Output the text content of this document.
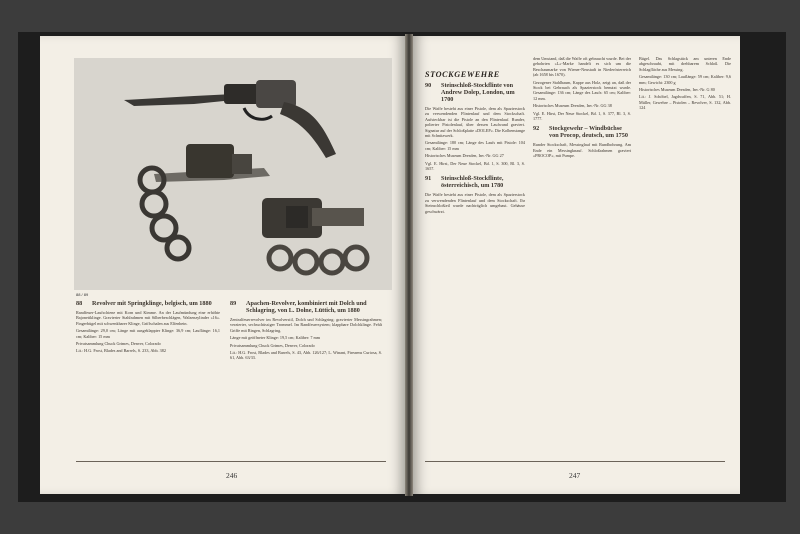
88 / 89
88	Revolver mit Springklinge, belgisch, um 1880

Randfeuer-Laufschiene mit Korn und Kimme. An der Laufmündung eine erhöhte Bajonettklinge. Gravierter Stahlrahmen mit Silberbeschlägen, Walzenzylinder »16«. Fingerbügel mit schwenkbarer Klinge, Griffschalen aus Elfenbein.

Gesamtlänge: 29,0 cm; Länge mit ausgeklappter Klinge: 36,9 cm; Lauflänge: 16,1 cm; Kaliber: 15 mm

Privatsammlung Chuck Grimes, Denver, Colorado

Lit.: H.G. Frost, Blades and Barrels, S. 233, Abb. 382

89	Apachen-Revolver, kombiniert mit Dolch und Schlagring, von L. Dolne, Lüttich, um 1880

Zentralfeuerrevolver im Revolverstil, Dolch und Schlagring; gravierter Messingrahmen; verzierter, sechsschüssiger Trommel. Im Randfeuersystem; klappbare Dolchklinge. Fehlt Griffe mit Ringen, Schlagring.

Länge mit geöffneter Klinge: 19,5 cm; Kaliber: 7 mm

Privatsammlung Chuck Grimes, Denver, Colorado

Lit.: H.G. Frost, Blades and Barrels, S. 43, Abb. 126/127; L. Winant, Firearms Curiosa, S. 61, Abb. 63/33.

246
STOCKGEWEHRE
90	Steinschloß-Stockflinte von Andrew Dolep, London, um 1700

Die Waffe besteht aus einer Pistole, dem als Spazierstock zu verwendenden Flintenlauf und dem Stockschaft. Aufsteckbar ist die Pistole an den Flintenlauf. Runder, polierter Pistolenlauf, über dessen Laufwand graviert. Signatur auf der Schloßplatte »DOLEP«. Die Kolbenstange mit Schnitzwerk.

Gesamtlänge: 180 cm; Länge des Laufs mit Pistole: 104 cm; Kaliber: 15 mm

Historisches Museum Dresden, Inv.-Nr. GG 27

Vgl. E. Hirst, Der Neue Stockel, Bd. 1, S. 300, Bl. 3, S. 1657.

91	Steinschloß-Stockflinte, österreichisch, um 1780

Die Waffe besteht aus einer Pistole, dem als Spazierstock zu verwendenden Flintenlauf und dem Stockschaft. Ihr Steinschloßteil wurde nachträglich umgebaut. Gehäuse geschwärzt.

dem Umstand, daß die Waffe oft gebraucht wurde. Bei der gebohrten »L«-Marke handelt es sich um die Beschaumarke von Wiener-Neustadt in Niederösterreich (ab 1658 bis 1670).

Gezogener Stahlbaum, Kappe aus Holz, zeigt an, daß der Stock bei Gebrauch als Spazierstock benutzt wurde. Gesamtlänge: 136 cm; Länge des Laufs: 65 cm; Kaliber: 12 mm.

Historisches Museum Dresden, Inv.-Nr. GG 38

Vgl. E. Hirst, Der Neue Stockel, Bd. 1, S. 377, Bl. 3, S. 1777.

92	Stockgewehr – Windbüchse von Procop, deutsch, um 1750

Runder Stockschaft, Messinglauf mit Rundbohrung. Am Ende ein Messingknauf. Schloßrahmen graviert »PROCOP«, mit Pumpe.

Bügel. Das Schlagstück am unteren Ende abgeschraubt, mit drehbarem Schloß. Die Schlagfläche aus Messing.

Gesamtlänge: 130 cm; Lauflänge: 59 cm; Kaliber: 9,6 mm; Gewicht: 2300 g

Historisches Museum Dresden, Inv.-Nr. G 80

Lit.: J. Schöbel, Jagdwaffen, S. 71, Abb. 51; H. Müller, Gewehre – Pistolen – Revolver, S. 132, Abb. 124

247
